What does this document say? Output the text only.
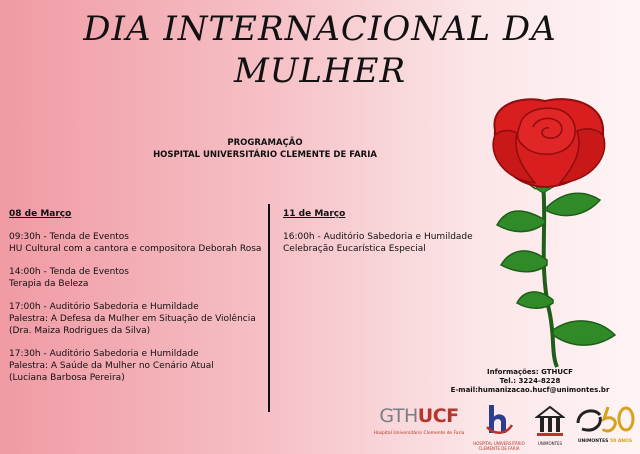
DIA INTERNACIONAL DA
MULHER
PROGRAMAÇÃO
HOSPITAL UNIVERSITÁRIO CLEMENTE DE FARIA
08 de Março
09:30h - Tenda de Eventos
HU Cultural com a cantora e compositora Deborah Rosa
14:00h - Tenda de Eventos
Terapia da Beleza
17:00h - Auditório Sabedoria e Humildade
Palestra: A Defesa da Mulher em Situação de Violência (Dra. Maiza Rodrigues da Silva)
17:30h - Auditório Sabedoria e Humildade
Palestra: A Saúde da Mulher no Cenário Atual
(Luciana Barbosa Pereira)
11 de Março
16:00h - Auditório Sabedoria e Humildade
Celebração Eucarística Especial
Informações: GTHUCF
Tel.: 3224-8228
E-mail:humanizacao.hucf@unimontes.br
GTHUCF
Hospital Universitário Clemente de Faria
HOSPITAL UNIVERSITÁRIO
CLEMENTE DE FARIA
UNIMONTES	UNIMONTES 50 ANOS
